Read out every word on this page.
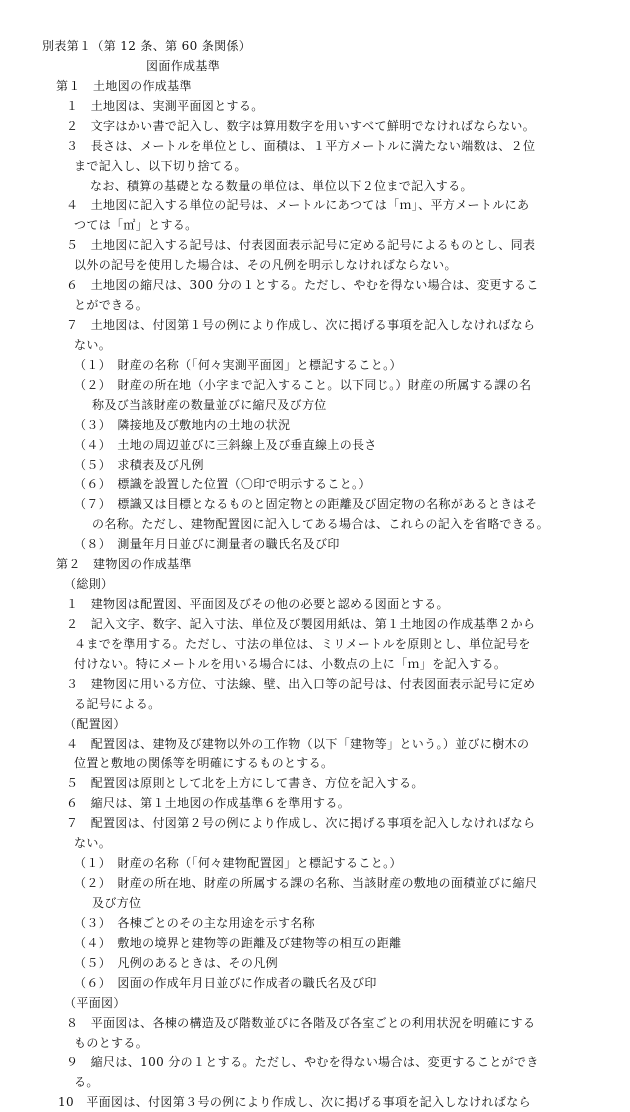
別表第１（第 12 条、第 60 条関係）
図面作成基準
第１　土地図の作成基準
１　土地図は、実測平面図とする。
２　文字はかい書で記入し、数字は算用数字を用いすべて鮮明でなければならない。
３　長さは、メートルを単位とし、面積は、１平方メートルに満たない端数は、２位
まで記入し、以下切り捨てる。
なお、積算の基礎となる数量の単位は、単位以下２位まで記入する。
４　土地図に記入する単位の記号は、メートルにあつては「ｍ」、平方メートルにあ
つては「㎡」とする。
５　土地図に記入する記号は、付表図面表示記号に定める記号によるものとし、同表
以外の記号を使用した場合は、その凡例を明示しなければならない。
６　土地図の縮尺は、300 分の１とする。ただし、やむを得ない場合は、変更するこ
とができる。
７　土地図は、付図第１号の例により作成し、次に掲げる事項を記入しなければなら
ない。
（１）　財産の名称（「何々実測平面図」と標記すること。）
（２）　財産の所在地（小字まで記入すること。以下同じ。）財産の所属する課の名
称及び当該財産の数量並びに縮尺及び方位
（３）　隣接地及び敷地内の土地の状況
（４）　土地の周辺並びに三斜線上及び垂直線上の長さ
（５）　求積表及び凡例
（６）　標識を設置した位置（〇印で明示すること。）
（７）　標識又は目標となるものと固定物との距離及び固定物の名称があるときはそ
の名称。ただし、建物配置図に記入してある場合は、これらの記入を省略できる。
（８）　測量年月日並びに測量者の職氏名及び印
第２　建物図の作成基準
（総則）
１　建物図は配置図、平面図及びその他の必要と認める図面とする。
２　記入文字、数字、記入寸法、単位及び製図用紙は、第１土地図の作成基準２から
４までを準用する。ただし、寸法の単位は、ミリメートルを原則とし、単位記号を
付けない。特にメートルを用いる場合には、小数点の上に「ｍ」を記入する。
３　建物図に用いる方位、寸法線、壁、出入口等の記号は、付表図面表示記号に定め
る記号による。
（配置図）
４　配置図は、建物及び建物以外の工作物（以下「建物等」という。）並びに樹木の
位置と敷地の関係等を明確にするものとする。
５　配置図は原則として北を上方にして書き、方位を記入する。
６　縮尺は、第１土地図の作成基準６を準用する。
７　配置図は、付図第２号の例により作成し、次に掲げる事項を記入しなければなら
ない。
（１）　財産の名称（「何々建物配置図」と標記すること。）
（２）　財産の所在地、財産の所属する課の名称、当該財産の敷地の面積並びに縮尺
及び方位
（３）　各棟ごとのその主な用途を示す名称
（４）　敷地の境界と建物等の距離及び建物等の相互の距離
（５）　凡例のあるときは、その凡例
（６）　図面の作成年月日並びに作成者の職氏名及び印
（平面図）
８　平面図は、各棟の構造及び階数並びに各階及び各室ごとの利用状況を明確にする
ものとする。
９　縮尺は、100 分の１とする。ただし、やむを得ない場合は、変更することができ
る。
10　平面図は、付図第３号の例により作成し、次に掲げる事項を記入しなければなら
